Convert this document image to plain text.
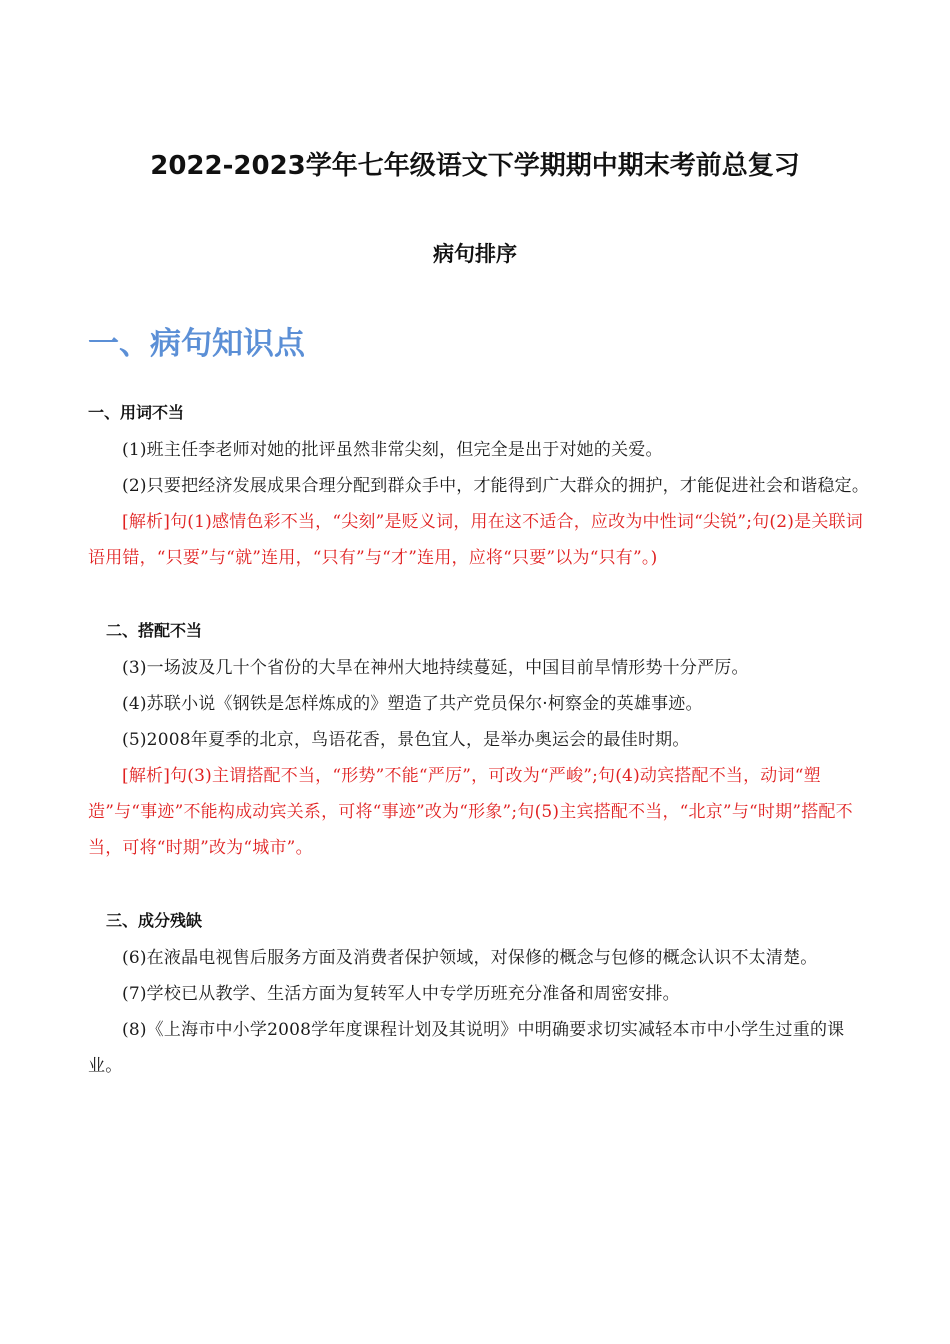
2022-2023学年七年级语文下学期期中期末考前总复习
病句排序
一、病句知识点

一、用词不当

(1)班主任李老师对她的批评虽然非常尖刻，但完全是出于对她的关爱。

(2)只要把经济发展成果合理分配到群众手中，才能得到广大群众的拥护，才能促进社会和谐稳定。

[解析]句(1)感情色彩不当，“尖刻”是贬义词，用在这不适合，应改为中性词“尖锐”;句(2)是关联词语用错，“只要”与“就”连用，“只有”与“才”连用，应将“只要”以为“只有”。)

二、搭配不当

(3)一场波及几十个省份的大旱在神州大地持续蔓延，中国目前旱情形势十分严厉。

(4)苏联小说《钢铁是怎样炼成的》塑造了共产党员保尔·柯察金的英雄事迹。

(5)2008年夏季的北京，鸟语花香，景色宜人，是举办奥运会的最佳时期。

[解析]句(3)主谓搭配不当，“形势”不能“严厉”，可改为“严峻”;句(4)动宾搭配不当，动词“塑造”与“事迹”不能构成动宾关系，可将“事迹”改为“形象”;句(5)主宾搭配不当，“北京”与“时期”搭配不当，可将“时期”改为“城市”。

三、成分残缺

(6)在液晶电视售后服务方面及消费者保护领域，对保修的概念与包修的概念认识不太清楚。

(7)学校已从教学、生活方面为复转军人中专学历班充分准备和周密安排。

(8)《上海市中小学2008学年度课程计划及其说明》中明确要求切实减轻本市中小学生过重的课业。
